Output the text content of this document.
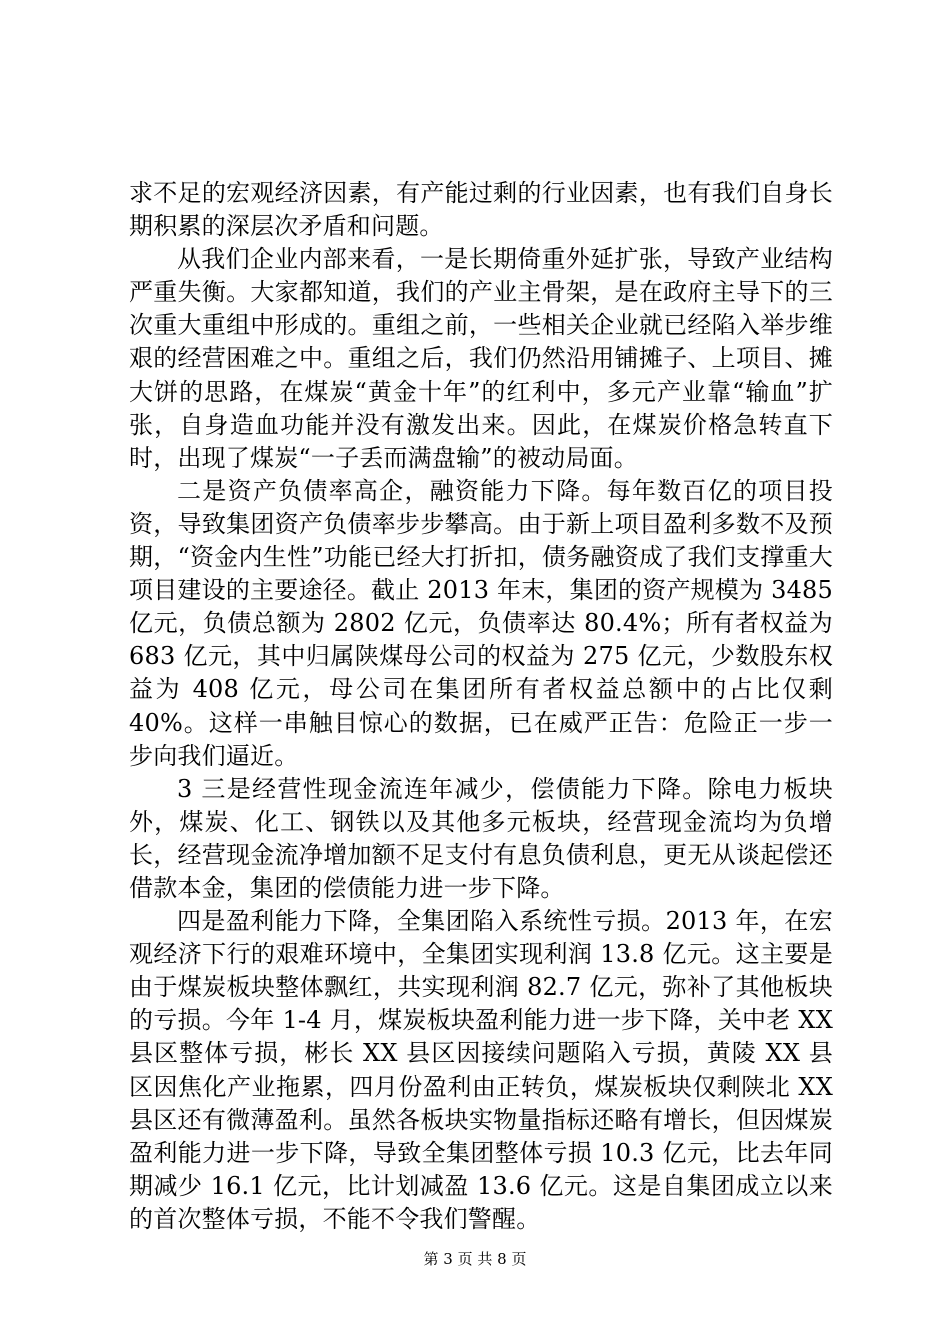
求不足的宏观经济因素，有产能过剩的行业因素，也有我们自身长期积累的深层次矛盾和问题。

从我们企业内部来看，一是长期倚重外延扩张，导致产业结构严重失衡。大家都知道，我们的产业主骨架，是在政府主导下的三次重大重组中形成的。重组之前，一些相关企业就已经陷入举步维艰的经营困难之中。重组之后，我们仍然沿用铺摊子、上项目、摊大饼的思路，在煤炭“黄金十年”的红利中，多元产业靠“输血”扩张，自身造血功能并没有激发出来。因此，在煤炭价格急转直下时，出现了煤炭“一子丢而满盘输”的被动局面。

二是资产负债率高企，融资能力下降。每年数百亿的项目投资，导致集团资产负债率步步攀高。由于新上项目盈利多数不及预期，“资金内生性”功能已经大打折扣，债务融资成了我们支撑重大项目建设的主要途径。截止 2013 年末，集团的资产规模为 3485 亿元，负债总额为 2802 亿元，负债率达 80.4%；所有者权益为 683 亿元，其中归属陕煤母公司的权益为 275 亿元，少数股东权益为 408 亿元，母公司在集团所有者权益总额中的占比仅剩 40%。这样一串触目惊心的数据，已在威严正告：危险正一步一步向我们逼近。

3 三是经营性现金流连年减少，偿债能力下降。除电力板块外，煤炭、化工、钢铁以及其他多元板块，经营现金流均为负增长，经营现金流净增加额不足支付有息负债利息，更无从谈起偿还借款本金，集团的偿债能力进一步下降。

四是盈利能力下降，全集团陷入系统性亏损。2013 年，在宏观经济下行的艰难环境中，全集团实现利润 13.8 亿元。这主要是由于煤炭板块整体飘红，共实现利润 82.7 亿元，弥补了其他板块的亏损。今年 1-4 月，煤炭板块盈利能力进一步下降，关中老 XX 县区整体亏损，彬长 XX 县区因接续问题陷入亏损，黄陵 XX 县区因焦化产业拖累，四月份盈利由正转负，煤炭板块仅剩陕北 XX 县区还有微薄盈利。虽然各板块实物量指标还略有增长，但因煤炭盈利能力进一步下降，导致全集团整体亏损 10.3 亿元，比去年同期减少 16.1 亿元，比计划减盈 13.6 亿元。这是自集团成立以来的首次整体亏损，不能不令我们警醒。

第 3 页 共 8 页
